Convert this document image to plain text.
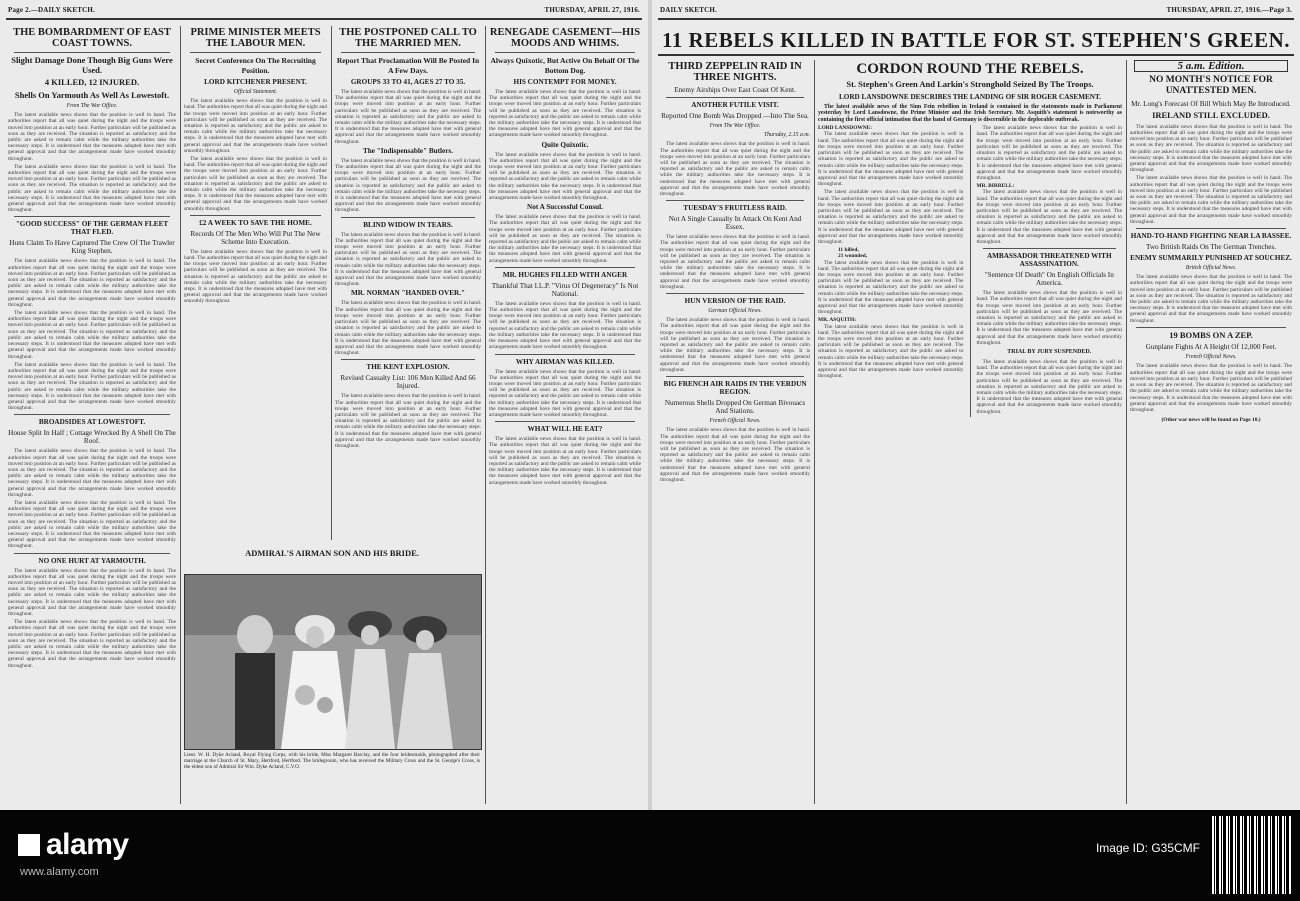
Page 2.—DAILY SKETCH.	THURSDAY, APRIL 27, 1916.
THE BOMBARDMENT OF EAST COAST TOWNS.
Slight Damage Done Though Big Guns Were Used.
4 KILLED, 12 INJURED.
Shells On Yarmouth As Well As Lowestoft.
From The War Office.

The latest available news shows that the position is well in hand. The authorities report that all was quiet during the night and the troops were moved into position at an early hour. Further particulars will be published as soon as they are received. The situation is reported as satisfactory and the public are asked to remain calm while the military authorities take the necessary steps. It is understood that the measures adopted have met with general approval and that the arrangements made have worked smoothly throughout.

The latest available news shows that the position is well in hand. The authorities report that all was quiet during the night and the troops were moved into position at an early hour. Further particulars will be published as soon as they are received. The situation is reported as satisfactory and the public are asked to remain calm while the military authorities take the necessary steps. It is understood that the measures adopted have met with general approval and that the arrangements made have worked smoothly throughout.

"GOOD SUCCESS" OF THE GERMAN FLEET THAT FLED.
Huns Claim To Have Captured The Crew Of The Trawler King Stephen.

The latest available news shows that the position is well in hand. The authorities report that all was quiet during the night and the troops were moved into position at an early hour. Further particulars will be published as soon as they are received. The situation is reported as satisfactory and the public are asked to remain calm while the military authorities take the necessary steps. It is understood that the measures adopted have met with general approval and that the arrangements made have worked smoothly throughout.

The latest available news shows that the position is well in hand. The authorities report that all was quiet during the night and the troops were moved into position at an early hour. Further particulars will be published as soon as they are received. The situation is reported as satisfactory and the public are asked to remain calm while the military authorities take the necessary steps. It is understood that the measures adopted have met with general approval and that the arrangements made have worked smoothly throughout.

The latest available news shows that the position is well in hand. The authorities report that all was quiet during the night and the troops were moved into position at an early hour. Further particulars will be published as soon as they are received. The situation is reported as satisfactory and the public are asked to remain calm while the military authorities take the necessary steps. It is understood that the measures adopted have met with general approval and that the arrangements made have worked smoothly throughout.

BROADSIDES AT LOWESTOFT.
House Split In Half ; Cottage Wrecked By A Shell On The Roof.

The latest available news shows that the position is well in hand. The authorities report that all was quiet during the night and the troops were moved into position at an early hour. Further particulars will be published as soon as they are received. The situation is reported as satisfactory and the public are asked to remain calm while the military authorities take the necessary steps. It is understood that the measures adopted have met with general approval and that the arrangements made have worked smoothly throughout.

The latest available news shows that the position is well in hand. The authorities report that all was quiet during the night and the troops were moved into position at an early hour. Further particulars will be published as soon as they are received. The situation is reported as satisfactory and the public are asked to remain calm while the military authorities take the necessary steps. It is understood that the measures adopted have met with general approval and that the arrangements made have worked smoothly throughout.

NO ONE HURT AT YARMOUTH.

The latest available news shows that the position is well in hand. The authorities report that all was quiet during the night and the troops were moved into position at an early hour. Further particulars will be published as soon as they are received. The situation is reported as satisfactory and the public are asked to remain calm while the military authorities take the necessary steps. It is understood that the measures adopted have met with general approval and that the arrangements made have worked smoothly throughout.

The latest available news shows that the position is well in hand. The authorities report that all was quiet during the night and the troops were moved into position at an early hour. Further particulars will be published as soon as they are received. The situation is reported as satisfactory and the public are asked to remain calm while the military authorities take the necessary steps. It is understood that the measures adopted have met with general approval and that the arrangements made have worked smoothly throughout.

PRIME MINISTER MEETS THE LABOUR MEN.
Secret Conference On The Recruiting Position.
LORD KITCHENER PRESENT.
Official Statement.

The latest available news shows that the position is well in hand. The authorities report that all was quiet during the night and the troops were moved into position at an early hour. Further particulars will be published as soon as they are received. The situation is reported as satisfactory and the public are asked to remain calm while the military authorities take the necessary steps. It is understood that the measures adopted have met with general approval and that the arrangements made have worked smoothly throughout.

The latest available news shows that the position is well in hand. The authorities report that all was quiet during the night and the troops were moved into position at an early hour. Further particulars will be published as soon as they are received. The situation is reported as satisfactory and the public are asked to remain calm while the military authorities take the necessary steps. It is understood that the measures adopted have met with general approval and that the arrangements made have worked smoothly throughout.

£2 A WEEK TO SAVE THE HOME.
Records Of The Men Who Will Put The New Scheme Into Execution.

The latest available news shows that the position is well in hand. The authorities report that all was quiet during the night and the troops were moved into position at an early hour. Further particulars will be published as soon as they are received. The situation is reported as satisfactory and the public are asked to remain calm while the military authorities take the necessary steps. It is understood that the measures adopted have met with general approval and that the arrangements made have worked smoothly throughout.

THE POSTPONED CALL TO THE MARRIED MEN.
Report That Proclamation Will Be Posted In A Few Days.
GROUPS 33 TO 41, AGES 27 TO 35.

The latest available news shows that the position is well in hand. The authorities report that all was quiet during the night and the troops were moved into position at an early hour. Further particulars will be published as soon as they are received. The situation is reported as satisfactory and the public are asked to remain calm while the military authorities take the necessary steps. It is understood that the measures adopted have met with general approval and that the arrangements made have worked smoothly throughout.

The "Indispensable" Butlers.

The latest available news shows that the position is well in hand. The authorities report that all was quiet during the night and the troops were moved into position at an early hour. Further particulars will be published as soon as they are received. The situation is reported as satisfactory and the public are asked to remain calm while the military authorities take the necessary steps. It is understood that the measures adopted have met with general approval and that the arrangements made have worked smoothly throughout.

BLIND WIDOW IN TEARS.

The latest available news shows that the position is well in hand. The authorities report that all was quiet during the night and the troops were moved into position at an early hour. Further particulars will be published as soon as they are received. The situation is reported as satisfactory and the public are asked to remain calm while the military authorities take the necessary steps. It is understood that the measures adopted have met with general approval and that the arrangements made have worked smoothly throughout.

MR. NORMAN "HANDED OVER."

The latest available news shows that the position is well in hand. The authorities report that all was quiet during the night and the troops were moved into position at an early hour. Further particulars will be published as soon as they are received. The situation is reported as satisfactory and the public are asked to remain calm while the military authorities take the necessary steps. It is understood that the measures adopted have met with general approval and that the arrangements made have worked smoothly throughout.

THE KENT EXPLOSION.
Revised Casualty List: 106 Men Killed And 66 Injured.

The latest available news shows that the position is well in hand. The authorities report that all was quiet during the night and the troops were moved into position at an early hour. Further particulars will be published as soon as they are received. The situation is reported as satisfactory and the public are asked to remain calm while the military authorities take the necessary steps. It is understood that the measures adopted have met with general approval and that the arrangements made have worked smoothly throughout.

RENEGADE CASEMENT—HIS MOODS AND WHIMS.
Always Quixotic, But Active On Behalf Of The Bottom Dog.
HIS CONTEMPT FOR MONEY.

The latest available news shows that the position is well in hand. The authorities report that all was quiet during the night and the troops were moved into position at an early hour. Further particulars will be published as soon as they are received. The situation is reported as satisfactory and the public are asked to remain calm while the military authorities take the necessary steps. It is understood that the measures adopted have met with general approval and that the arrangements made have worked smoothly throughout.

Quite Quixotic.

The latest available news shows that the position is well in hand. The authorities report that all was quiet during the night and the troops were moved into position at an early hour. Further particulars will be published as soon as they are received. The situation is reported as satisfactory and the public are asked to remain calm while the military authorities take the necessary steps. It is understood that the measures adopted have met with general approval and that the arrangements made have worked smoothly throughout.

Not A Successful Consul.

The latest available news shows that the position is well in hand. The authorities report that all was quiet during the night and the troops were moved into position at an early hour. Further particulars will be published as soon as they are received. The situation is reported as satisfactory and the public are asked to remain calm while the military authorities take the necessary steps. It is understood that the measures adopted have met with general approval and that the arrangements made have worked smoothly throughout.

MR. HUGHES FILLED WITH ANGER
Thankful That I.L.P. "Virus Of Degeneracy" Is Not National.

The latest available news shows that the position is well in hand. The authorities report that all was quiet during the night and the troops were moved into position at an early hour. Further particulars will be published as soon as they are received. The situation is reported as satisfactory and the public are asked to remain calm while the military authorities take the necessary steps. It is understood that the measures adopted have met with general approval and that the arrangements made have worked smoothly throughout.

WHY AIRMAN WAS KILLED.

The latest available news shows that the position is well in hand. The authorities report that all was quiet during the night and the troops were moved into position at an early hour. Further particulars will be published as soon as they are received. The situation is reported as satisfactory and the public are asked to remain calm while the military authorities take the necessary steps. It is understood that the measures adopted have met with general approval and that the arrangements made have worked smoothly throughout.

WHAT WILL HE EAT?

The latest available news shows that the position is well in hand. The authorities report that all was quiet during the night and the troops were moved into position at an early hour. Further particulars will be published as soon as they are received. The situation is reported as satisfactory and the public are asked to remain calm while the military authorities take the necessary steps. It is understood that the measures adopted have met with general approval and that the arrangements made have worked smoothly throughout.

ADMIRAL'S AIRMAN SON AND HIS BRIDE.
Lieut. W. H. Dyke Acland, Royal Flying Corps, with his bride, Miss Margaret Barclay, and the four bridesmaids, photographed after their marriage at the Church of St. Mary, Hertford, Hertford. The bridegroom, who has received the Military Cross and the St. George's Cross, is the eldest son of Admiral Sir Wm. Dyke Acland, C.V.O.
DAILY SKETCH.	THURSDAY, APRIL 27, 1916.—Page 3.
THIRD ZEPPELIN RAID IN THREE NIGHTS.
Enemy Airships Over East Coast Of Kent.
ANOTHER FUTILE VISIT.
Reported One Bomb Was Dropped —Into The Sea.
From The War Office.
Thursday, 2.15 a.m.

The latest available news shows that the position is well in hand. The authorities report that all was quiet during the night and the troops were moved into position at an early hour. Further particulars will be published as soon as they are received. The situation is reported as satisfactory and the public are asked to remain calm while the military authorities take the necessary steps. It is understood that the measures adopted have met with general approval and that the arrangements made have worked smoothly throughout.

TUESDAY'S FRUITLESS RAID.
Not A Single Casualty In Attack On Kent And Essex.

The latest available news shows that the position is well in hand. The authorities report that all was quiet during the night and the troops were moved into position at an early hour. Further particulars will be published as soon as they are received. The situation is reported as satisfactory and the public are asked to remain calm while the military authorities take the necessary steps. It is understood that the measures adopted have met with general approval and that the arrangements made have worked smoothly throughout.

HUN VERSION OF THE RAID.
German Official News.

The latest available news shows that the position is well in hand. The authorities report that all was quiet during the night and the troops were moved into position at an early hour. Further particulars will be published as soon as they are received. The situation is reported as satisfactory and the public are asked to remain calm while the military authorities take the necessary steps. It is understood that the measures adopted have met with general approval and that the arrangements made have worked smoothly throughout.

BIG FRENCH AIR RAIDS IN THE VERDUN REGION.
Numerous Shells Dropped On German Bivouacs And Stations.
French Official News.

The latest available news shows that the position is well in hand. The authorities report that all was quiet during the night and the troops were moved into position at an early hour. Further particulars will be published as soon as they are received. The situation is reported as satisfactory and the public are asked to remain calm while the military authorities take the necessary steps. It is understood that the measures adopted have met with general approval and that the arrangements made have worked smoothly throughout.

CORDON ROUND THE REBELS.
St. Stephen's Green And Larkin's Stronghold Seized By The Troops.
LORD LANSDOWNE DESCRIBES THE LANDING OF SIR ROGER CASEMENT.

The latest available news of the Sinn Fein rebellion in Ireland is contained in the statements made in Parliament yesterday by Lord Lansdowne, the Prime Minister and the Irish Secretary. Mr. Asquith's statement is noteworthy as containing the first official intimation that the hand of Germany is discernible in the deplorable outbreak.

LORD LANSDOWNE:

The latest available news shows that the position is well in hand. The authorities report that all was quiet during the night and the troops were moved into position at an early hour. Further particulars will be published as soon as they are received. The situation is reported as satisfactory and the public are asked to remain calm while the military authorities take the necessary steps. It is understood that the measures adopted have met with general approval and that the arrangements made have worked smoothly throughout.

The latest available news shows that the position is well in hand. The authorities report that all was quiet during the night and the troops were moved into position at an early hour. Further particulars will be published as soon as they are received. The situation is reported as satisfactory and the public are asked to remain calm while the military authorities take the necessary steps. It is understood that the measures adopted have met with general approval and that the arrangements made have worked smoothly throughout.

11 killed,
21 wounded,

The latest available news shows that the position is well in hand. The authorities report that all was quiet during the night and the troops were moved into position at an early hour. Further particulars will be published as soon as they are received. The situation is reported as satisfactory and the public are asked to remain calm while the military authorities take the necessary steps. It is understood that the measures adopted have met with general approval and that the arrangements made have worked smoothly throughout.

MR. ASQUITH:

The latest available news shows that the position is well in hand. The authorities report that all was quiet during the night and the troops were moved into position at an early hour. Further particulars will be published as soon as they are received. The situation is reported as satisfactory and the public are asked to remain calm while the military authorities take the necessary steps. It is understood that the measures adopted have met with general approval and that the arrangements made have worked smoothly throughout.

The latest available news shows that the position is well in hand. The authorities report that all was quiet during the night and the troops were moved into position at an early hour. Further particulars will be published as soon as they are received. The situation is reported as satisfactory and the public are asked to remain calm while the military authorities take the necessary steps. It is understood that the measures adopted have met with general approval and that the arrangements made have worked smoothly throughout.

MR. BIRRELL:

The latest available news shows that the position is well in hand. The authorities report that all was quiet during the night and the troops were moved into position at an early hour. Further particulars will be published as soon as they are received. The situation is reported as satisfactory and the public are asked to remain calm while the military authorities take the necessary steps. It is understood that the measures adopted have met with general approval and that the arrangements made have worked smoothly throughout.

AMBASSADOR THREATENED WITH ASSASSINATION.
"Sentence Of Death" On English Officials In America.

The latest available news shows that the position is well in hand. The authorities report that all was quiet during the night and the troops were moved into position at an early hour. Further particulars will be published as soon as they are received. The situation is reported as satisfactory and the public are asked to remain calm while the military authorities take the necessary steps. It is understood that the measures adopted have met with general approval and that the arrangements made have worked smoothly throughout.

TRIAL BY JURY SUSPENDED.

The latest available news shows that the position is well in hand. The authorities report that all was quiet during the night and the troops were moved into position at an early hour. Further particulars will be published as soon as they are received. The situation is reported as satisfactory and the public are asked to remain calm while the military authorities take the necessary steps. It is understood that the measures adopted have met with general approval and that the arrangements made have worked smoothly throughout.

5 a.m. Edition.
NO MONTH'S NOTICE FOR UNATTESTED MEN.
Mr. Long's Forecast Of Bill Which May Be Introduced.
IRELAND STILL EXCLUDED.

The latest available news shows that the position is well in hand. The authorities report that all was quiet during the night and the troops were moved into position at an early hour. Further particulars will be published as soon as they are received. The situation is reported as satisfactory and the public are asked to remain calm while the military authorities take the necessary steps. It is understood that the measures adopted have met with general approval and that the arrangements made have worked smoothly throughout.

The latest available news shows that the position is well in hand. The authorities report that all was quiet during the night and the troops were moved into position at an early hour. Further particulars will be published as soon as they are received. The situation is reported as satisfactory and the public are asked to remain calm while the military authorities take the necessary steps. It is understood that the measures adopted have met with general approval and that the arrangements made have worked smoothly throughout.

HAND-TO-HAND FIGHTING NEAR LA BASSEE.
Two British Raids On The German Trenches.
ENEMY SUMMARILY PUNISHED AT SOUCHEZ.
British Official News.

The latest available news shows that the position is well in hand. The authorities report that all was quiet during the night and the troops were moved into position at an early hour. Further particulars will be published as soon as they are received. The situation is reported as satisfactory and the public are asked to remain calm while the military authorities take the necessary steps. It is understood that the measures adopted have met with general approval and that the arrangements made have worked smoothly throughout.

19 BOMBS ON A ZEP.
Gunplane Fights At A Height Of 12,000 Feet.
French Official News.

The latest available news shows that the position is well in hand. The authorities report that all was quiet during the night and the troops were moved into position at an early hour. Further particulars will be published as soon as they are received. The situation is reported as satisfactory and the public are asked to remain calm while the military authorities take the necessary steps. It is understood that the measures adopted have met with general approval and that the arrangements made have worked smoothly throughout.

(Other war news will be found on Page 10.)
11 REBELS KILLED IN BATTLE FOR ST. STEPHEN'S GREEN.
alamy
www.alamy.com
Image ID: G35CMF
